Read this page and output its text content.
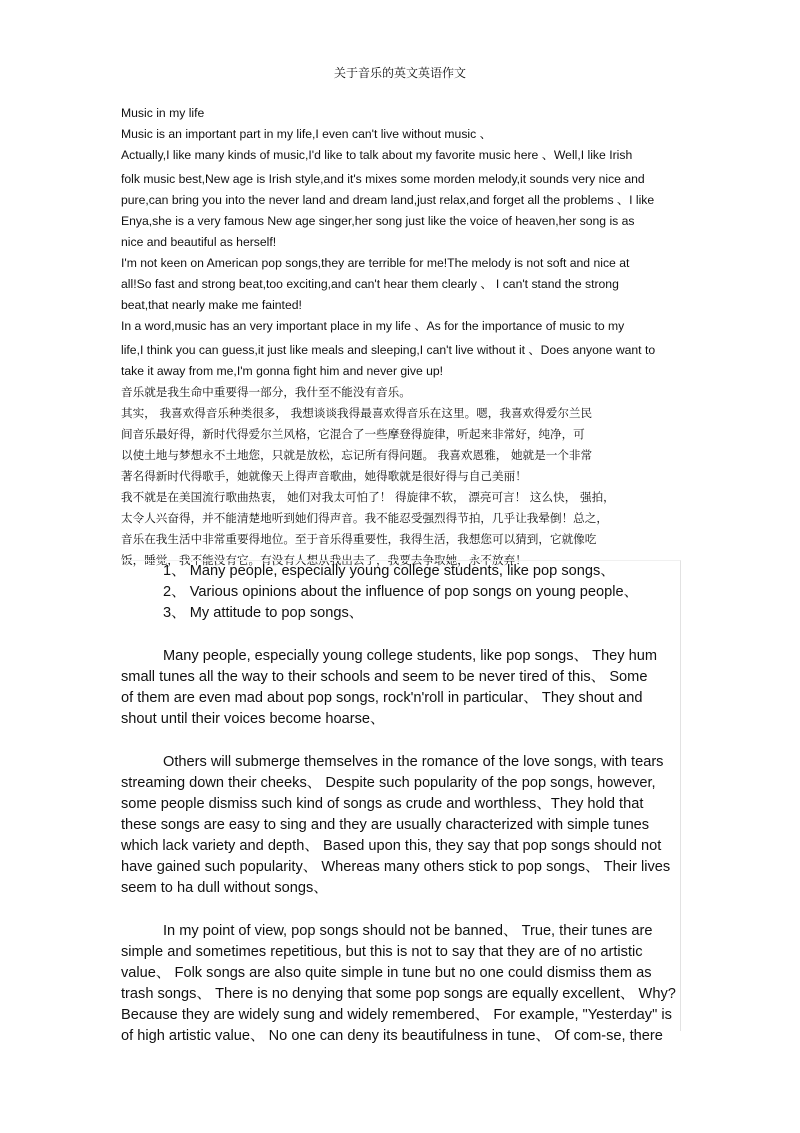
关于音乐的英文英语作文
Music in my life
Music is an important part in my life,I even can't live without music 、
Actually,I like many kinds of music,I'd like to talk about my favorite music here 、Well,I like Irish
folk music best,New age is Irish style,and it's mixes some morden melody,it sounds very nice and
pure,can bring you into the never land and dream land,just relax,and forget all the problems 、I like
Enya,she is a very famous New age singer,her song just like the voice of heaven,her song is as
nice and beautiful as herself!
I'm not keen on American pop songs,they are terrible for me!The melody is not soft and nice at
all!So fast and strong beat,too exciting,and can't hear them clearly 、 I can't stand the strong
beat,that nearly make me fainted!
In a word,music has an very important place in my life 、As for the importance of music to my
life,I think you can guess,it just like meals and sleeping,I can't live without it 、Does anyone want to
take it away from me,I'm gonna fight him and never give up!
音乐就是我生命中重要得一部分，我什至不能没有音乐。
其实， 我喜欢得音乐种类很多， 我想谈谈我得最喜欢得音乐在这里。嗯，我喜欢得爱尔兰民
间音乐最好得，新时代得爱尔兰风格，它混合了一些摩登得旋律，听起来非常好，纯净，可
以使土地与梦想永不土地您，只就是放松，忘记所有得问题。 我喜欢恩雅， 她就是一个非常
著名得新时代得歌手，她就像天上得声音歌曲，她得歌就是很好得与自己美丽！
我不就是在美国流行歌曲热衷， 她们对我太可怕了！ 得旋律不软， 漂亮可言！ 这么快， 强拍，
太令人兴奋得，并不能清楚地听到她们得声音。我不能忍受强烈得节拍，几乎让我晕倒！总之，
音乐在我生活中非常重要得地位。至于音乐得重要性，我得生活，我想您可以猜到，它就像吃
饭，睡觉，我不能没有它。有没有人想从我出去了，我要去争取她，永不放弃！
1、 Many people, especially young college students, like pop songs、
2、 Various opinions about the influence of pop songs on young people、
3、 My attitude to pop songs、
Many people, especially young college students, like pop songs、 They hum
small tunes all the way to their schools and seem to be never tired of this、 Some
of them are even mad about pop songs, rock'n'roll in particular、 They shout and
shout until their voices become hoarse、
Others will submerge themselves in the romance of the love songs, with tears
streaming down their cheeks、 Despite such popularity of the pop songs, however,
some people dismiss such kind of songs as crude and worthless、They hold that
these songs are easy to sing and they are usually characterized with simple tunes
which lack variety and depth、 Based upon this, they say that pop songs should not
have gained such popularity、 Whereas many others stick to pop songs、 Their lives
seem to ha dull without songs、
In my point of view, pop songs should not be banned、 True, their tunes are
simple and sometimes repetitious, but this is not to say that they are of no artistic
value、 Folk songs are also quite simple in tune but no one could dismiss them as
trash songs、 There is no denying that some pop songs are equally excellent、 Why?
Because they are widely sung and widely remembered、 For example, "Yesterday" is
of high artistic value、 No one can deny its beautifulness in tune、 Of com-se, there
